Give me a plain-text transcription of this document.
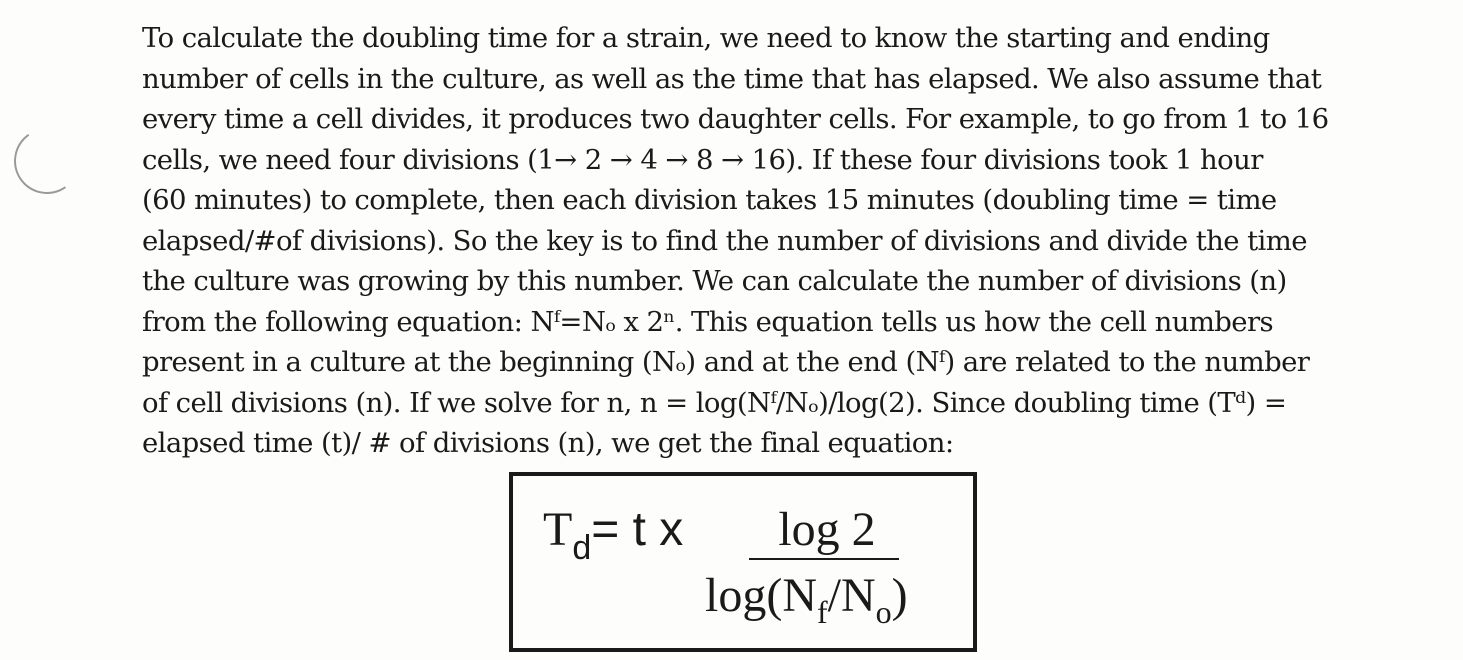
To calculate the doubling time for a strain, we need to know the starting and ending
number of cells in the culture, as well as the time that has elapsed. We also assume that
every time a cell divides, it produces two daughter cells. For example, to go from 1 to 16
cells, we need four divisions (1→ 2 → 4 → 8 → 16). If these four divisions took 1 hour
(60 minutes) to complete, then each division takes 15 minutes (doubling time = time
elapsed/#of divisions). So the key is to find the number of divisions and divide the time
the culture was growing by this number. We can calculate the number of divisions (n)
from the following equation: Nᶠ=Nₒ x 2ⁿ. This equation tells us how the cell numbers
present in a culture at the beginning (Nₒ) and at the end (Nᶠ) are related to the number
of cell divisions (n). If we solve for n, n = log(Nᶠ/Nₒ)/log(2). Since doubling time (Tᵈ) =
elapsed time (t)/ # of divisions (n), we get the final equation:
$T_d= t$ x	log 2
$\log(N_f/N_o)$
